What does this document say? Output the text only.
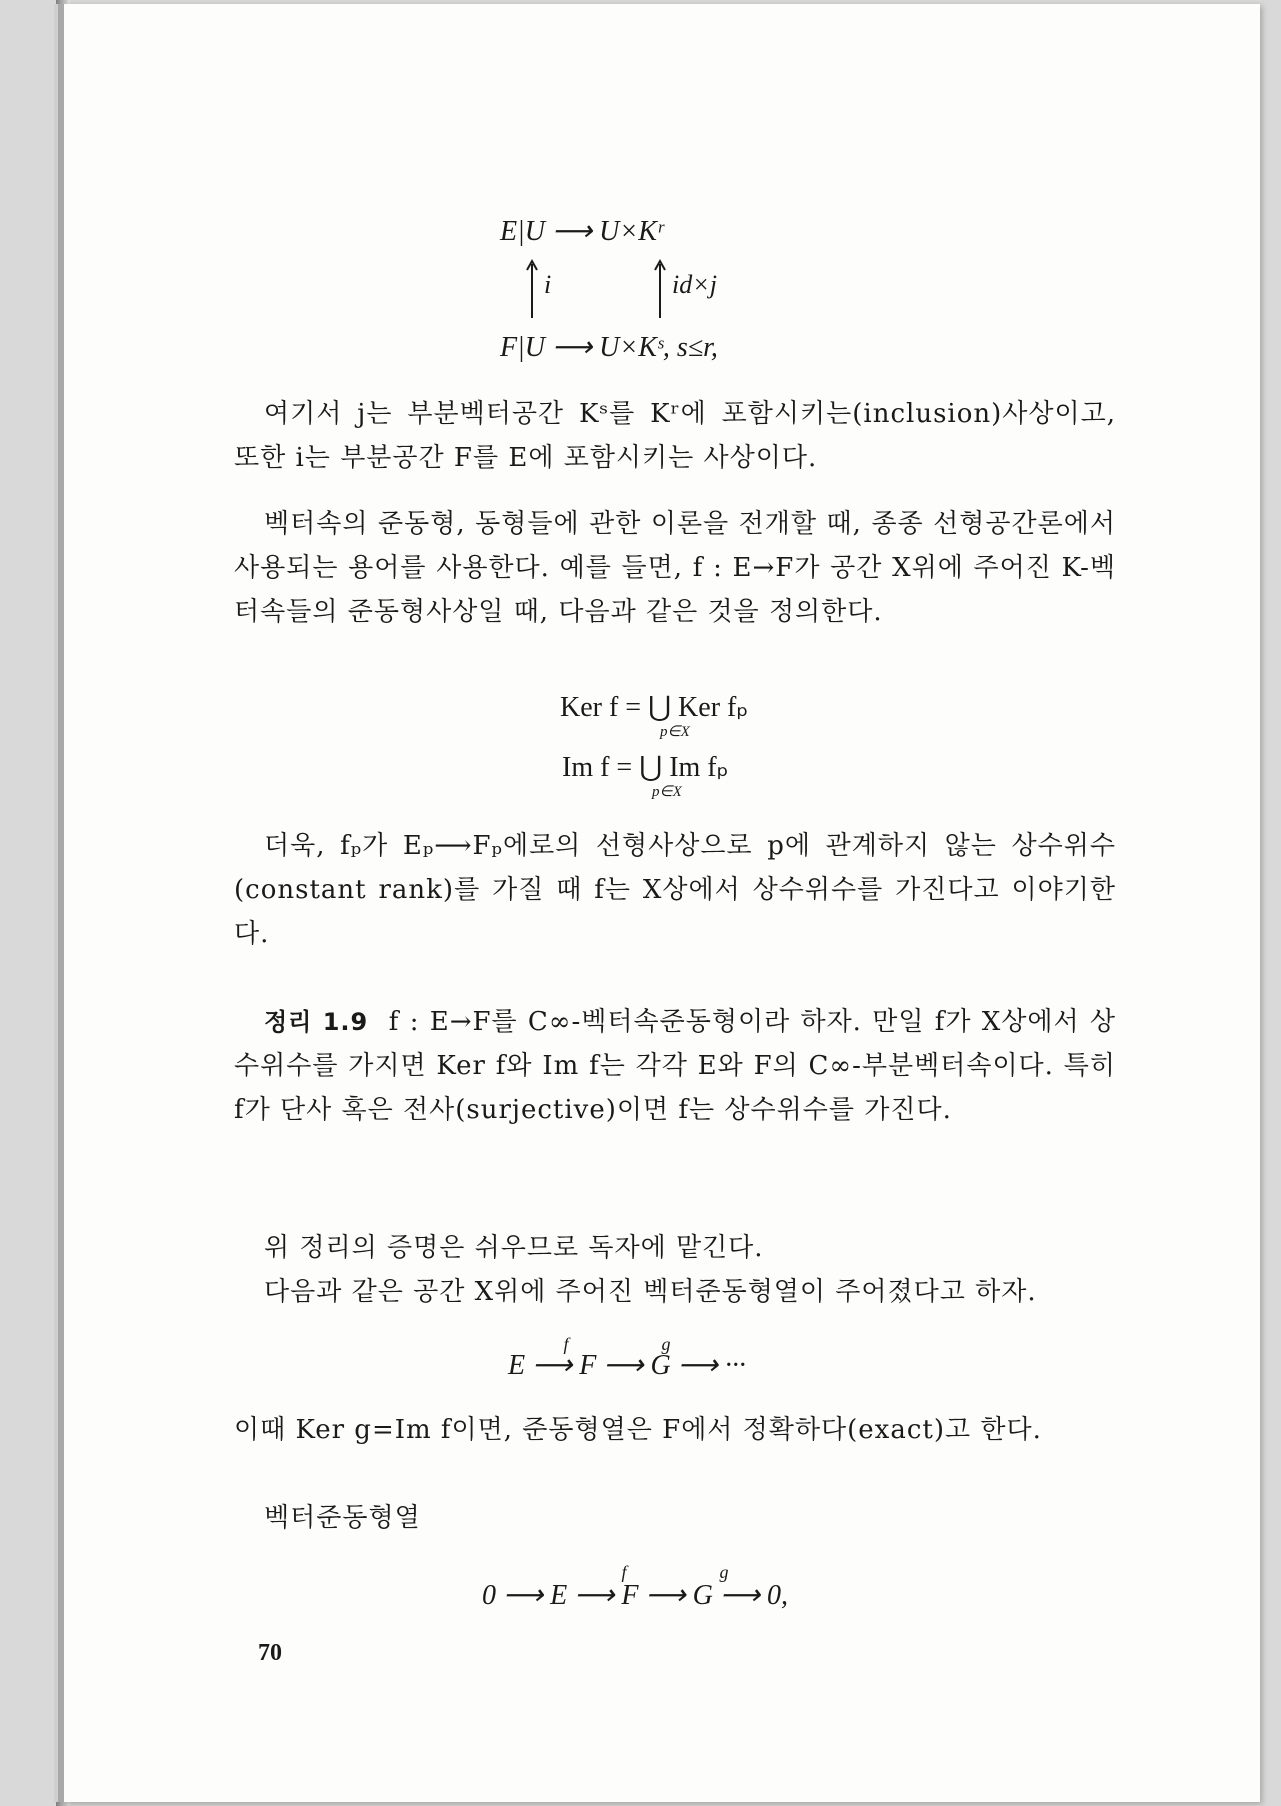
E|U ⟶ U×Kʳ
i	id×j
F|U ⟶ U×Kˢ, s≤r,
여기서 j는 부분벡터공간 Kˢ를 Kʳ에 포함시키는(inclusion)사상이고, 또한 i는 부분공간 F를 E에 포함시키는 사상이다.
벡터속의 준동형, 동형들에 관한 이론을 전개할 때, 종종 선형공간론에서 사용되는 용어를 사용한다. 예를 들면, f : E→F가 공간 X위에 주어진 K-벡터속들의 준동형사상일 때, 다음과 같은 것을 정의한다.
Ker f = ⋃ Ker fₚ
p∈X
Im f = ⋃ Im fₚ
p∈X
더욱, fₚ가 Eₚ⟶Fₚ에로의 선형사상으로 p에 관계하지 않는 상수위수(constant rank)를 가질 때 f는 X상에서 상수위수를 가진다고 이야기한다.
정리 1.9 f : E→F를 C∞-벡터속준동형이라 하자. 만일 f가 X상에서 상수위수를 가지면 Ker f와 Im f는 각각 E와 F의 C∞-부분벡터속이다. 특히 f가 단사 혹은 전사(surjective)이면 f는 상수위수를 가진다.
위 정리의 증명은 쉬우므로 독자에 맡긴다.
다음과 같은 공간 X위에 주어진 벡터준동형열이 주어졌다고 하자.
E ⟶ F ⟶ G ⟶ ···
f	g
이때 Ker g=Im f이면, 준동형열은 F에서 정확하다(exact)고 한다.
벡터준동형열
0 ⟶ E ⟶ F ⟶ G ⟶ 0,
f	g
70
